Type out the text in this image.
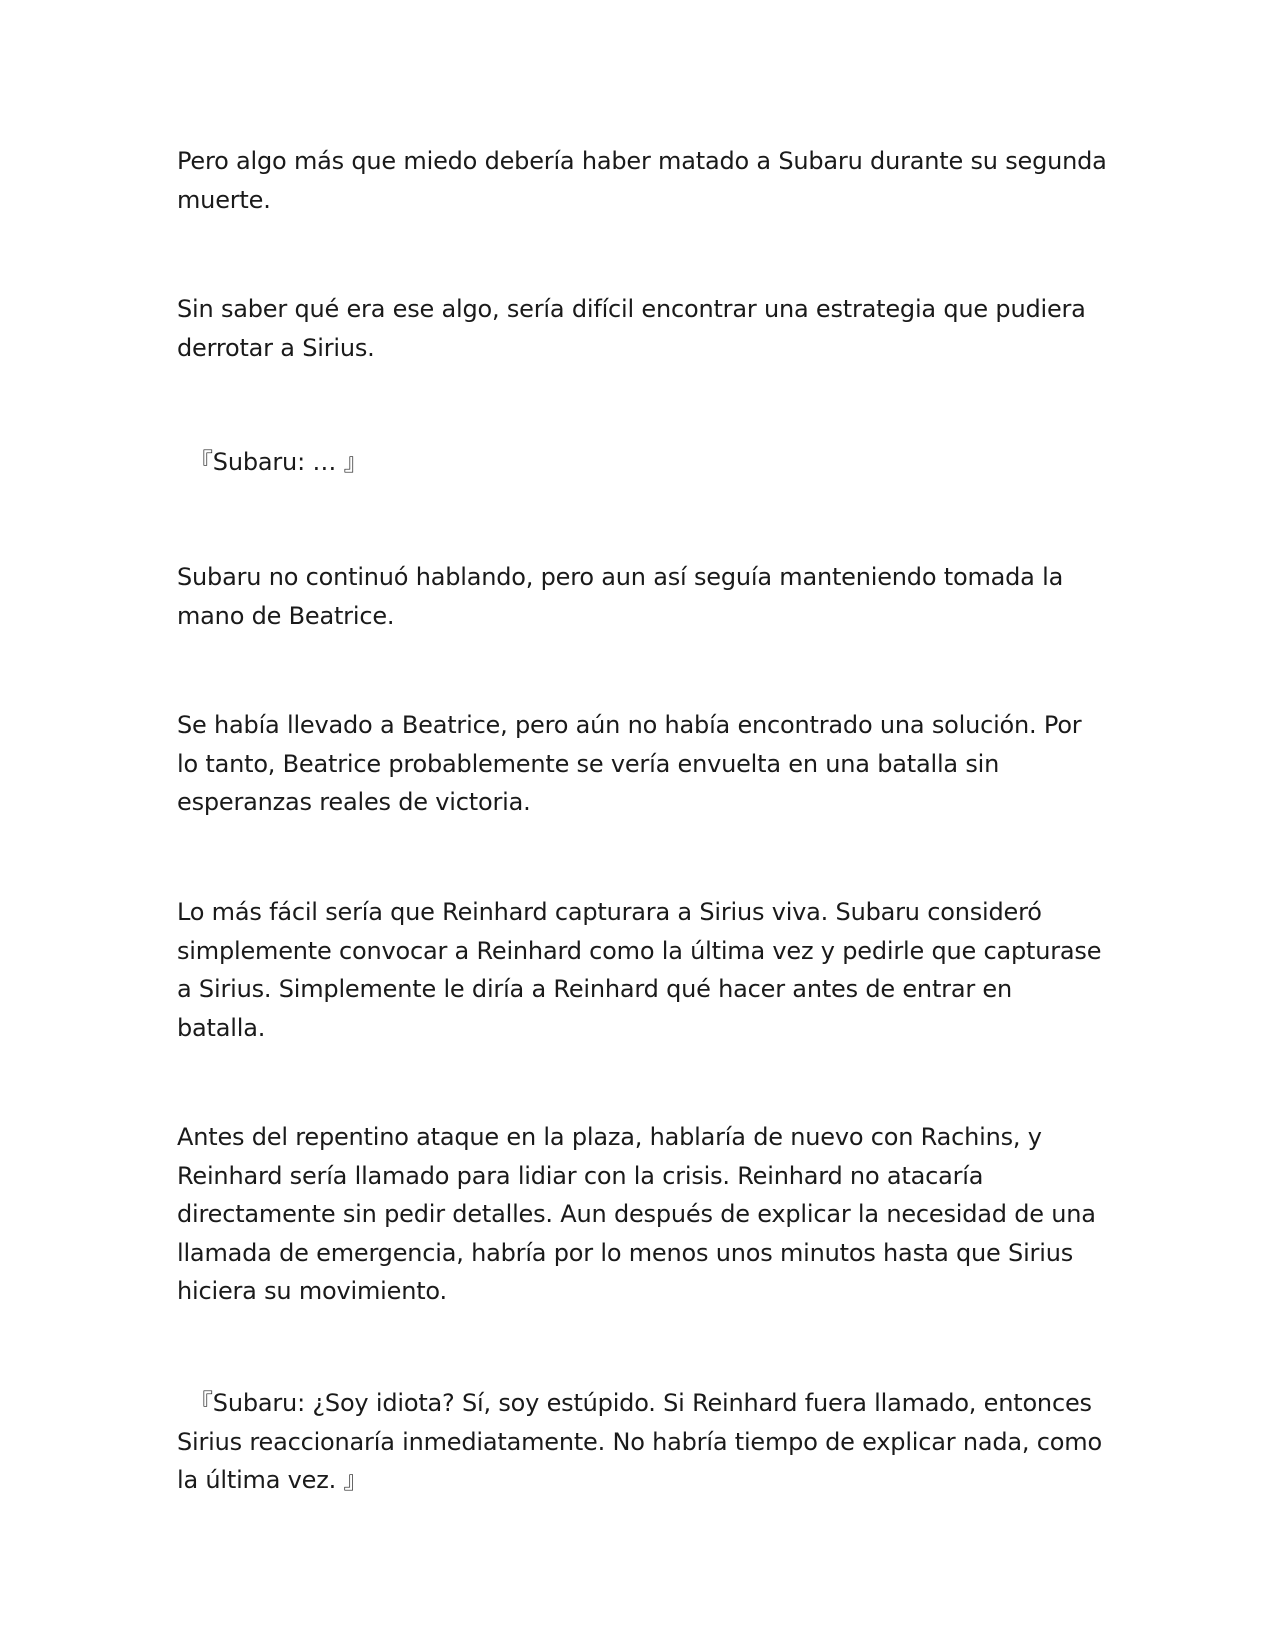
Pero algo más que miedo debería haber matado a Subaru durante su segunda muerte.

Sin saber qué era ese algo, sería difícil encontrar una estrategia que pudiera derrotar a Sirius.

『Subaru: … 』

Subaru no continuó hablando, pero aun así seguía manteniendo tomada la mano de Beatrice.

Se había llevado a Beatrice, pero aún no había encontrado una solución. Por lo tanto, Beatrice probablemente se vería envuelta en una batalla sin esperanzas reales de victoria.

Lo más fácil sería que Reinhard capturara a Sirius viva. Subaru consideró simplemente convocar a Reinhard como la última vez y pedirle que capturase a Sirius. Simplemente le diría a Reinhard qué hacer antes de entrar en batalla.

Antes del repentino ataque en la plaza, hablaría de nuevo con Rachins, y Reinhard sería llamado para lidiar con la crisis. Reinhard no atacaría directamente sin pedir detalles. Aun después de explicar la necesidad de una llamada de emergencia, habría por lo menos unos minutos hasta que Sirius hiciera su movimiento.

『Subaru: ¿Soy idiota? Sí, soy estúpido. Si Reinhard fuera llamado, entonces Sirius reaccionaría inmediatamente. No habría tiempo de explicar nada, como la última vez. 』
